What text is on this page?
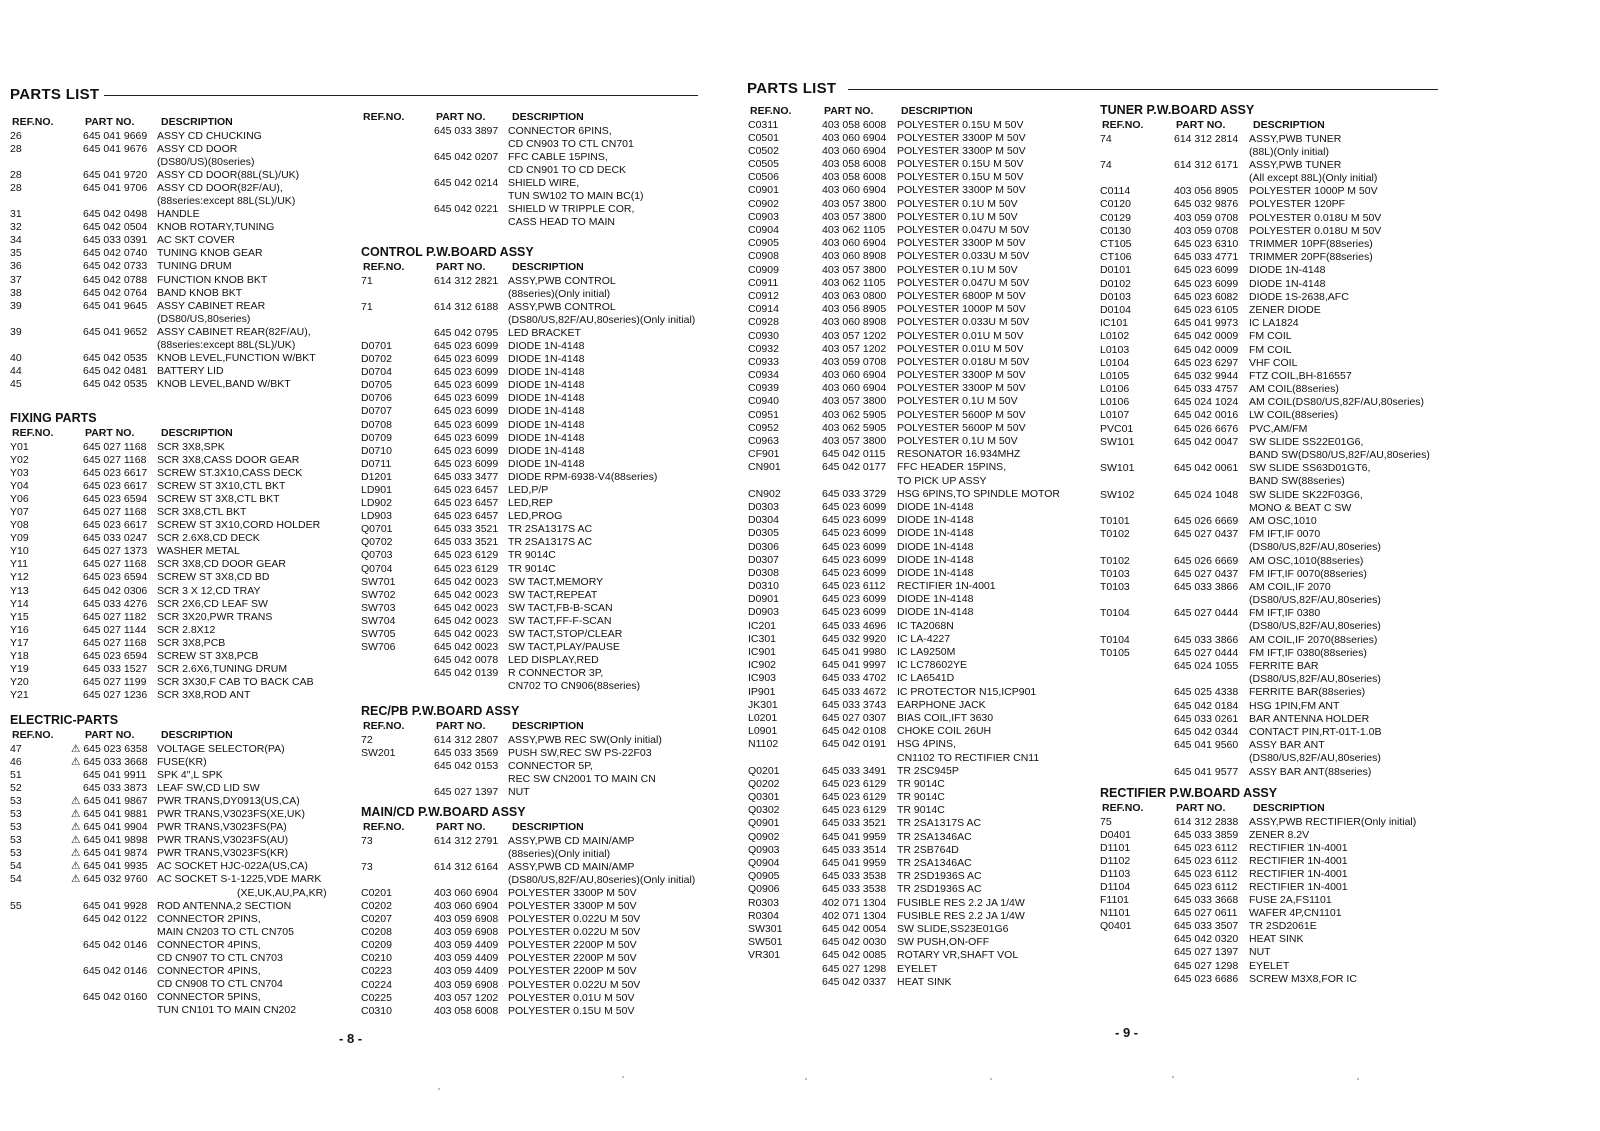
PARTS LIST	PARTS LIST
REF.NO.	PART NO.	DESCRIPTION
26	645 041 9669 ASSY CD CHUCKING
28	645 041 9676 ASSY CD DOOR
(DS80/US)(80series)
28	645 041 9720 ASSY CD DOOR(88L(SL)/UK)
28	645 041 9706 ASSY CD DOOR(82F/AU),
(88series:except 88L(SL)/UK)
31	645 042 0498 HANDLE
32	645 042 0504 KNOB ROTARY,TUNING
34	645 033 0391 AC SKT COVER
35	645 042 0740 TUNING KNOB GEAR
36	645 042 0733 TUNING DRUM
37	645 042 0788 FUNCTION KNOB BKT
38	645 042 0764 BAND KNOB BKT
39	645 041 9645 ASSY CABINET REAR
(DS80/US,80series)
39	645 041 9652 ASSY CABINET REAR(82F/AU),
(88series:except 88L(SL)/UK)
40	645 042 0535 KNOB LEVEL,FUNCTION W/BKT
44	645 042 0481 BATTERY LID
45	645 042 0535 KNOB LEVEL,BAND W/BKT
FIXING PARTS
REF.NO.	PART NO.	DESCRIPTION
Y01	645 027 1168 SCR 3X8,SPK
Y02	645 027 1168 SCR 3X8,CASS DOOR GEAR
Y03	645 023 6617 SCREW ST.3X10,CASS DECK
Y04	645 023 6617 SCREW ST 3X10,CTL BKT
Y06	645 023 6594 SCREW ST 3X8,CTL BKT
Y07	645 027 1168 SCR 3X8,CTL BKT
Y08	645 023 6617 SCREW ST 3X10,CORD HOLDER
Y09	645 033 0247 SCR 2.6X8,CD DECK
Y10	645 027 1373 WASHER METAL
Y11	645 027 1168 SCR 3X8,CD DOOR GEAR
Y12	645 023 6594 SCREW ST 3X8,CD BD
Y13	645 042 0306 SCR 3 X 12,CD TRAY
Y14	645 033 4276 SCR 2X6,CD LEAF SW
Y15	645 027 1182 SCR 3X20,PWR TRANS
Y16	645 027 1144 SCR 2.8X12
Y17	645 027 1168 SCR 3X8,PCB
Y18	645 023 6594 SCREW ST 3X8,PCB
Y19	645 033 1527 SCR 2.6X6,TUNING DRUM
Y20	645 027 1199 SCR 3X30,F CAB TO BACK CAB
Y21	645 027 1236 SCR 3X8,ROD ANT
ELECTRIC-PARTS
REF.NO.	PART NO.	DESCRIPTION
47	⚠ 645 023 6358 VOLTAGE SELECTOR(PA)
46	⚠ 645 033 3668 FUSE(KR)
51	645 041 9911 SPK 4",L SPK
52	645 033 3873 LEAF SW,CD LID SW
53	⚠ 645 041 9867 PWR TRANS,DY0913(US,CA)
53	⚠ 645 041 9881 PWR TRANS,V3023FS(XE,UK)
53	⚠ 645 041 9904 PWR TRANS,V3023FS(PA)
53	⚠ 645 041 9898 PWR TRANS,V3023FS(AU)
53	⚠ 645 041 9874 PWR TRANS,V3023FS(KR)
54	⚠ 645 041 9935 AC SOCKET HJC-022A(US,CA)
54	⚠ 645 032 9760 AC SOCKET S-1-1225,VDE MARK
(XE,UK,AU,PA,KR)
55	645 041 9928 ROD ANTENNA,2 SECTION
645 042 0122 CONNECTOR 2PINS,
MAIN CN203 TO CTL CN705
645 042 0146 CONNECTOR 4PINS,
CD CN907 TO CTL CN703
645 042 0146 CONNECTOR 4PINS,
CD CN908 TO CTL CN704
645 042 0160 CONNECTOR 5PINS,
TUN CN101 TO MAIN CN202
REF.NO.	PART NO.	DESCRIPTION
645 033 3897 CONNECTOR 6PINS,
CD CN903 TO CTL CN701
645 042 0207 FFC CABLE 15PINS,
CD CN901 TO CD DECK
645 042 0214 SHIELD WIRE,
TUN SW102 TO MAIN BC(1)
645 042 0221 SHIELD W TRIPPLE COR,
CASS HEAD TO MAIN
CONTROL P.W.BOARD ASSY
REF.NO.	PART NO.	DESCRIPTION
71	614 312 2821 ASSY,PWB CONTROL
(88series)(Only initial)
71	614 312 6188 ASSY,PWB CONTROL
(DS80/US,82F/AU,80series)(Only initial)
645 042 0795 LED BRACKET
D0701	645 023 6099 DIODE 1N-4148
D0702	645 023 6099 DIODE 1N-4148
D0704	645 023 6099 DIODE 1N-4148
D0705	645 023 6099 DIODE 1N-4148
D0706	645 023 6099 DIODE 1N-4148
D0707	645 023 6099 DIODE 1N-4148
D0708	645 023 6099 DIODE 1N-4148
D0709	645 023 6099 DIODE 1N-4148
D0710	645 023 6099 DIODE 1N-4148
D0711	645 023 6099 DIODE 1N-4148
D1201	645 033 3477 DIODE RPM-6938-V4(88series)
LD901	645 023 6457 LED,P/P
LD902	645 023 6457 LED,REP
LD903	645 023 6457 LED,PROG
Q0701	645 033 3521 TR 2SA1317S AC
Q0702	645 033 3521 TR 2SA1317S AC
Q0703	645 023 6129 TR 9014C
Q0704	645 023 6129 TR 9014C
SW701	645 042 0023 SW TACT,MEMORY
SW702	645 042 0023 SW TACT,REPEAT
SW703	645 042 0023 SW TACT,FB-B-SCAN
SW704	645 042 0023 SW TACT,FF-F-SCAN
SW705	645 042 0023 SW TACT,STOP/CLEAR
SW706	645 042 0023 SW TACT,PLAY/PAUSE
645 042 0078 LED DISPLAY,RED
645 042 0139 R CONNECTOR 3P,
CN702 TO CN906(88series)
REC/PB P.W.BOARD ASSY
REF.NO.	PART NO.	DESCRIPTION
72	614 312 2807 ASSY,PWB REC SW(Only initial)
SW201	645 033 3569 PUSH SW,REC SW PS-22F03
645 042 0153 CONNECTOR 5P,
REC SW CN2001 TO MAIN CN
645 027 1397 NUT
MAIN/CD P.W.BOARD ASSY
REF.NO.	PART NO.	DESCRIPTION
73	614 312 2791 ASSY,PWB CD MAIN/AMP
(88series)(Only initial)
73	614 312 6164 ASSY,PWB CD MAIN/AMP
(DS80/US,82F/AU,80series)(Only initial)
C0201	403 060 6904 POLYESTER 3300P M 50V
C0202	403 060 6904 POLYESTER 3300P M 50V
C0207	403 059 6908 POLYESTER 0.022U M 50V
C0208	403 059 6908 POLYESTER 0.022U M 50V
C0209	403 059 4409 POLYESTER 2200P M 50V
C0210	403 059 4409 POLYESTER 2200P M 50V
C0223	403 059 4409 POLYESTER 2200P M 50V
C0224	403 059 6908 POLYESTER 0.022U M 50V
C0225	403 057 1202 POLYESTER 0.01U M 50V
C0310	403 058 6008 POLYESTER 0.15U M 50V
REF.NO.	PART NO.	DESCRIPTION
C0311	403 058 6008 POLYESTER 0.15U M 50V
C0501	403 060 6904 POLYESTER 3300P M 50V
C0502	403 060 6904 POLYESTER 3300P M 50V
C0505	403 058 6008 POLYESTER 0.15U M 50V
C0506	403 058 6008 POLYESTER 0.15U M 50V
C0901	403 060 6904 POLYESTER 3300P M 50V
C0902	403 057 3800 POLYESTER 0.1U M 50V
C0903	403 057 3800 POLYESTER 0.1U M 50V
C0904	403 062 1105 POLYESTER 0.047U M 50V
C0905	403 060 6904 POLYESTER 3300P M 50V
C0908	403 060 8908 POLYESTER 0.033U M 50V
C0909	403 057 3800 POLYESTER 0.1U M 50V
C0911	403 062 1105 POLYESTER 0.047U M 50V
C0912	403 063 0800 POLYESTER 6800P M 50V
C0914	403 056 8905 POLYESTER 1000P M 50V
C0928	403 060 8908 POLYESTER 0.033U M 50V
C0930	403 057 1202 POLYESTER 0.01U M 50V
C0932	403 057 1202 POLYESTER 0.01U M 50V
C0933	403 059 0708 POLYESTER 0.018U M 50V
C0934	403 060 6904 POLYESTER 3300P M 50V
C0939	403 060 6904 POLYESTER 3300P M 50V
C0940	403 057 3800 POLYESTER 0.1U M 50V
C0951	403 062 5905 POLYESTER 5600P M 50V
C0952	403 062 5905 POLYESTER 5600P M 50V
C0963	403 057 3800 POLYESTER 0.1U M 50V
CF901	645 042 0115 RESONATOR 16.934MHZ
CN901	645 042 0177 FFC HEADER 15PINS,
TO PICK UP ASSY
CN902	645 033 3729 HSG 6PINS,TO SPINDLE MOTOR
D0303	645 023 6099 DIODE 1N-4148
D0304	645 023 6099 DIODE 1N-4148
D0305	645 023 6099 DIODE 1N-4148
D0306	645 023 6099 DIODE 1N-4148
D0307	645 023 6099 DIODE 1N-4148
D0308	645 023 6099 DIODE 1N-4148
D0310	645 023 6112 RECTIFIER 1N-4001
D0901	645 023 6099 DIODE 1N-4148
D0903	645 023 6099 DIODE 1N-4148
IC201	645 033 4696 IC TA2068N
IC301	645 032 9920 IC LA-4227
IC901	645 041 9980 IC LA9250M
IC902	645 041 9997 IC LC78602YE
IC903	645 033 4702 IC LA6541D
IP901	645 033 4672 IC PROTECTOR N15,ICP901
JK301	645 033 3743 EARPHONE JACK
L0201	645 027 0307 BIAS COIL,IFT 3630
L0901	645 042 0108 CHOKE COIL 26UH
N1102	645 042 0191 HSG 4PINS,
CN1102 TO RECTIFIER CN11
Q0201	645 033 3491 TR 2SC945P
Q0202	645 023 6129 TR 9014C
Q0301	645 023 6129 TR 9014C
Q0302	645 023 6129 TR 9014C
Q0901	645 033 3521 TR 2SA1317S AC
Q0902	645 041 9959 TR 2SA1346AC
Q0903	645 033 3514 TR 2SB764D
Q0904	645 041 9959 TR 2SA1346AC
Q0905	645 033 3538 TR 2SD1936S AC
Q0906	645 033 3538 TR 2SD1936S AC
R0303	402 071 1304 FUSIBLE RES 2.2 JA 1/4W
R0304	402 071 1304 FUSIBLE RES 2.2 JA 1/4W
SW301	645 042 0054 SW SLIDE,SS23E01G6
SW501	645 042 0030 SW PUSH,ON-OFF
VR301	645 042 0085 ROTARY VR,SHAFT VOL
645 027 1298 EYELET
645 042 0337 HEAT SINK
TUNER P.W.BOARD ASSY
REF.NO.	PART NO.	DESCRIPTION
74	614 312 2814 ASSY,PWB TUNER
(88L)(Only initial)
74	614 312 6171 ASSY,PWB TUNER
(All except 88L)(Only initial)
C0114	403 056 8905 POLYESTER 1000P M 50V
C0120	645 032 9876 POLYESTER 120PF
C0129	403 059 0708 POLYESTER 0.018U M 50V
C0130	403 059 0708 POLYESTER 0.018U M 50V
CT105	645 023 6310 TRIMMER 10PF(88series)
CT106	645 033 4771 TRIMMER 20PF(88series)
D0101	645 023 6099 DIODE 1N-4148
D0102	645 023 6099 DIODE 1N-4148
D0103	645 023 6082 DIODE 1S-2638,AFC
D0104	645 023 6105 ZENER DIODE
IC101	645 041 9973 IC LA1824
L0102	645 042 0009 FM COIL
L0103	645 042 0009 FM COIL
L0104	645 023 6297 VHF COIL
L0105	645 032 9944 FTZ COIL,BH-816557
L0106	645 033 4757 AM COIL(88series)
L0106	645 024 1024 AM COIL(DS80/US,82F/AU,80series)
L0107	645 042 0016 LW COIL(88series)
PVC01	645 026 6676 PVC,AM/FM
SW101	645 042 0047 SW SLIDE SS22E01G6,
BAND SW(DS80/US,82F/AU,80series)
SW101	645 042 0061 SW SLIDE SS63D01GT6,
BAND SW(88series)
SW102	645 024 1048 SW SLIDE SK22F03G6,
MONO & BEAT C SW
T0101	645 026 6669 AM OSC,1010
T0102	645 027 0437 FM IFT,IF 0070
(DS80/US,82F/AU,80series)
T0102	645 026 6669 AM OSC,1010(88series)
T0103	645 027 0437 FM IFT,IF 0070(88series)
T0103	645 033 3866 AM COIL,IF 2070
(DS80/US,82F/AU,80series)
T0104	645 027 0444 FM IFT,IF 0380
(DS80/US,82F/AU,80series)
T0104	645 033 3866 AM COIL,IF 2070(88series)
T0105	645 027 0444 FM IFT,IF 0380(88series)
645 024 1055 FERRITE BAR
(DS80/US,82F/AU,80series)
645 025 4338 FERRITE BAR(88series)
645 042 0184 HSG 1PIN,FM ANT
645 033 0261 BAR ANTENNA HOLDER
645 042 0344 CONTACT PIN,RT-01T-1.0B
645 041 9560 ASSY BAR ANT
(DS80/US,82F/AU,80series)
645 041 9577 ASSY BAR ANT(88series)
RECTIFIER P.W.BOARD ASSY
REF.NO.	PART NO.	DESCRIPTION
75	614 312 2838 ASSY,PWB RECTIFIER(Only initial)
D0401	645 033 3859 ZENER 8.2V
D1101	645 023 6112 RECTIFIER 1N-4001
D1102	645 023 6112 RECTIFIER 1N-4001
D1103	645 023 6112 RECTIFIER 1N-4001
D1104	645 023 6112 RECTIFIER 1N-4001
F1101	645 033 3668 FUSE 2A,FS1101
N1101	645 027 0611 WAFER 4P,CN1101
Q0401	645 033 3507 TR 2SD2061E
645 042 0320 HEAT SINK
645 027 1397 NUT
645 027 1298 EYELET
645 023 6686 SCREW M3X8,FOR IC
- 8 -	- 9 -
